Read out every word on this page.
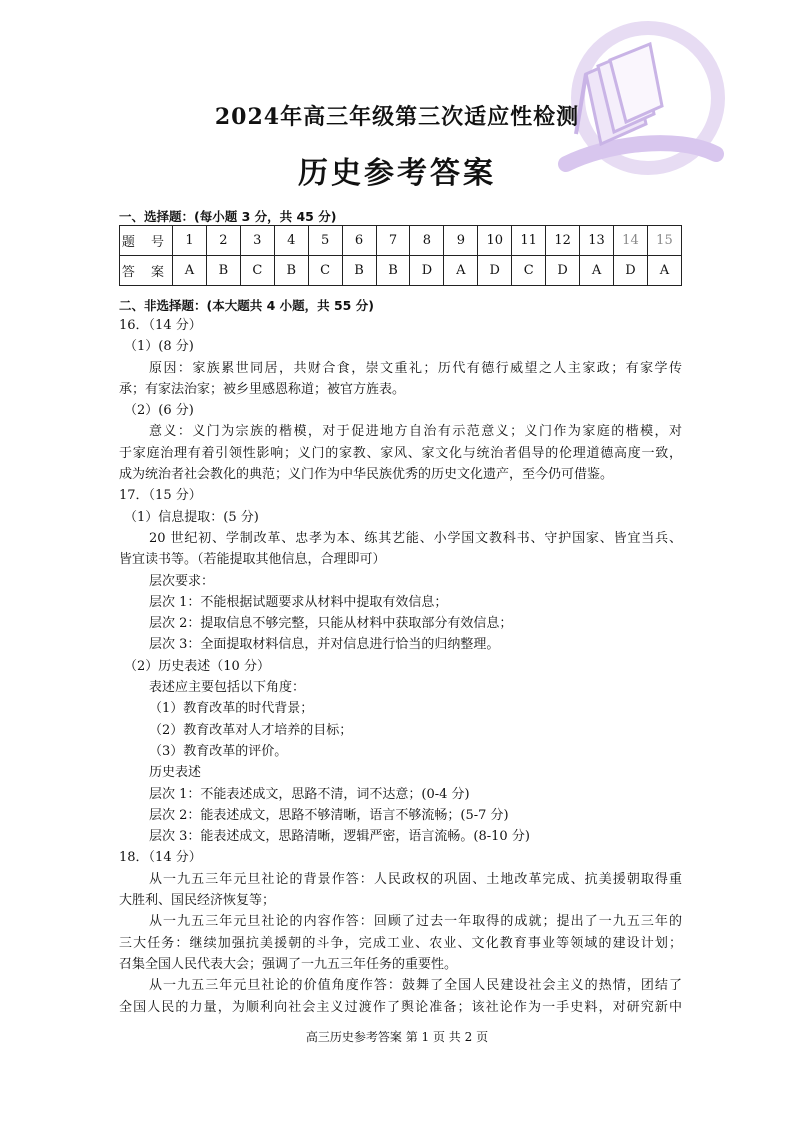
2024年高三年级第三次适应性检测
历史参考答案
一、选择题：(每小题 3 分，共 45 分)
题 号	1	2	3	4	5	6	7	8	9	10	11	12	13	14	15
答 案	A	B	C	B	C	B	B	D	A	D	C	D	A	D	A
二、非选择题：(本大题共 4 小题，共 55 分)
16．（14 分）
（1）(8 分)
原因：家族累世同居，共财合食，崇文重礼；历代有德行威望之人主家政；有家学传
承；有家法治家；被乡里感恩称道；被官方旌表。
（2）(6 分)
意义：义门为宗族的楷模，对于促进地方自治有示范意义；义门作为家庭的楷模，对
于家庭治理有着引领性影响；义门的家教、家风、家文化与统治者倡导的伦理道德高度一致，
成为统治者社会教化的典范；义门作为中华民族优秀的历史文化遗产，至今仍可借鉴。
17．（15 分）
（1）信息提取：(5 分)
20 世纪初、学制改革、忠孝为本、练其艺能、小学国文教科书、守护国家、皆宜当兵、
皆宜读书等。（若能提取其他信息，合理即可）
层次要求：
层次 1：不能根据试题要求从材料中提取有效信息；
层次 2：提取信息不够完整，只能从材料中获取部分有效信息；
层次 3：全面提取材料信息，并对信息进行恰当的归纳整理。
（2）历史表述（10 分）
表述应主要包括以下角度：
（1）教育改革的时代背景；
（2）教育改革对人才培养的目标；
（3）教育改革的评价。
历史表述
层次 1：不能表述成文，思路不清，词不达意；(0-4 分)
层次 2：能表述成文，思路不够清晰，语言不够流畅；(5-7 分)
层次 3：能表述成文，思路清晰，逻辑严密，语言流畅。(8-10 分)
18．（14 分）
从一九五三年元旦社论的背景作答：人民政权的巩固、土地改革完成、抗美援朝取得重
大胜利、国民经济恢复等；
从一九五三年元旦社论的内容作答：回顾了过去一年取得的成就；提出了一九五三年的
三大任务：继续加强抗美援朝的斗争，完成工业、农业、文化教育事业等领域的建设计划；
召集全国人民代表大会；强调了一九五三年任务的重要性。
从一九五三年元旦社论的价值角度作答：鼓舞了全国人民建设社会主义的热情，团结了
全国人民的力量，为顺利向社会主义过渡作了舆论准备；该社论作为一手史料，对研究新中
高三历史参考答案 第 1 页 共 2 页
